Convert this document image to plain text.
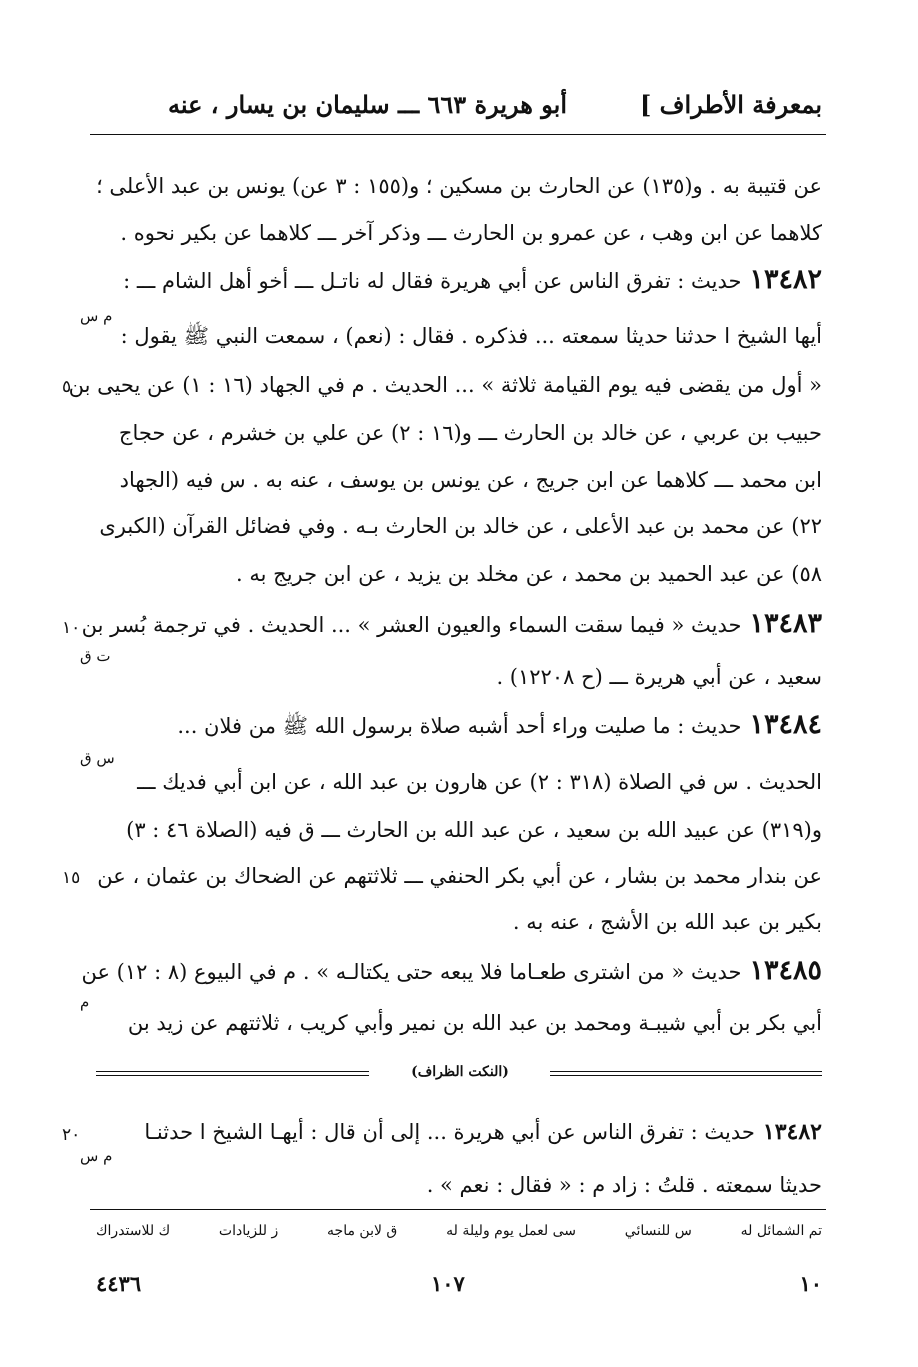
بمعرفة الأطراف ]
أبو هريرة ٦٦٣ ـــ سليمان بن يسار ، عنه
عن قتيبة به . و(١٣٥) عن الحارث بن مسكين ؛ و(١٥٥ : ٣ عن) يونس بن عبد الأعلى ؛
كلاهما عن ابن وهب ، عن عمرو بن الحارث ـــ وذكر آخر ـــ كلاهما عن بكير نحوه .
١٣٤٨٢حديث : تفرق الناس عن أبي هريرة فقال له ناتـل ـــ أخو أهل الشام ـــ :
أيها الشيخ ا حدثنا حديثا سمعته ... فذكره . فقال : (نعم) ، سمعت النبي ﷺ يقول :
« أول من يقضى فيه يوم القيامة ثلاثة » ... الحديث . م في الجهاد (١٦ : ١) عن يحيى بن
حبيب بن عربي ، عن خالد بن الحارث ـــ و(١٦ : ٢) عن علي بن خشرم ، عن حجاج
ابن محمد ـــ كلاهما عن ابن جريج ، عن يونس بن يوسف ، عنه به . س فيه (الجهاد
٢٢) عن محمد بن عبد الأعلى ، عن خالد بن الحارث بـه . وفي فضائل القرآن (الكبرى
٥٨) عن عبد الحميد بن محمد ، عن مخلد بن يزيد ، عن ابن جريج به .
١٣٤٨٣حديث « فيما سقت السماء والعيون العشر » ... الحديث . في ترجمة بُسر بن
سعيد ، عن أبي هريرة ـــ (ح ١٢٢٠٨) .
١٣٤٨٤حديث : ما صليت وراء أحد أشبه صلاة برسول الله ﷺ من فلان ...
الحديث . س في الصلاة (٣١٨ : ٢) عن هارون بن عبد الله ، عن ابن أبي فديك ـــ
و(٣١٩) عن عبيد الله بن سعيد ، عن عبد الله بن الحارث ـــ ق فيه (الصلاة ٤٦ : ٣)
عن بندار محمد بن بشار ، عن أبي بكر الحنفي ـــ ثلاثتهم عن الضحاك بن عثمان ، عن
بكير بن عبد الله بن الأشج ، عنه به .
١٣٤٨٥حديث « من اشترى طعـاما فلا يبعه حتى يكتالـه » . م في البيوع (٨ : ١٢) عن
أبي بكر بن أبي شيبـة ومحمد بن عبد الله بن نمير وأبي كريب ، ثلاثتهم عن زيد بن
٥
١٠
١٥
٢٠
م س
ت ق
س ق
م
م س
(النكت الظراف)
١٣٤٨٢حديث : تفرق الناس عن أبي هريرة ... إلى أن قال : أيهـا الشيخ ا حدثنـا
حديثا سمعته . قلتُ : زاد م : « فقال : نعم » .
تم الشمائل له
س للنسائي
سى لعمل يوم وليلة له
ق لابن ماجه
ز للزيادات
ك للاستدراك
١٠
١٠٧
٤٤٣٦
